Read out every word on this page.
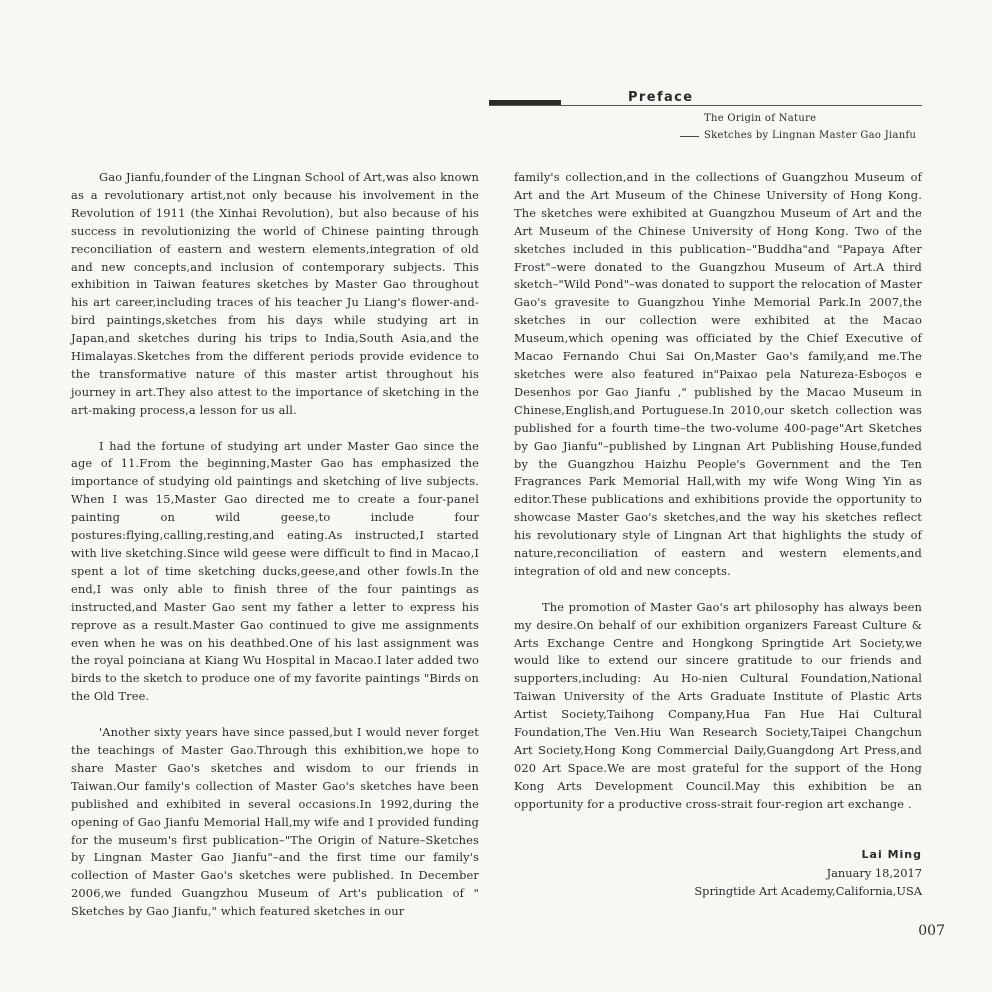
Preface
The Origin of Nature
Sketches by Lingnan Master Gao Jianfu

Gao Jianfu,founder of the Lingnan School of Art,was also known as a revolutionary artist,not only because his involvement in the Revolution of 1911 (the Xinhai Revolution), but also because of his success in revolutionizing the world of Chinese painting through reconciliation of eastern and western elements,integration of old and new concepts,and inclusion of contemporary subjects. This exhibition in Taiwan features sketches by Master Gao throughout his art career,including traces of his teacher Ju Liang's flower-and-bird paintings,sketches from his days while studying art in Japan,and sketches during his trips to India,South Asia,and the Himalayas.Sketches from the different periods provide evidence to the transformative nature of this master artist throughout his journey in art.They also attest to the importance of sketching in the art-making process,a lesson for us all.

I had the fortune of studying art under Master Gao since the age of 11.From the beginning,Master Gao has emphasized the importance of studying old paintings and sketching of live subjects. When I was 15,Master Gao directed me to create a four-panel painting on wild geese,to include four postures:flying,calling,resting,and eating.As instructed,I started with live sketching.Since wild geese were difficult to find in Macao,I spent a lot of time sketching ducks,geese,and other fowls.In the end,I was only able to finish three of the four paintings as instructed,and Master Gao sent my father a letter to express his reprove as a result.Master Gao continued to give me assignments even when he was on his deathbed.One of his last assignment was the royal poinciana at Kiang Wu Hospital in Macao.I later added two birds to the sketch to produce one of my favorite paintings "Birds on the Old Tree.

'Another sixty years have since passed,but I would never forget the teachings of Master Gao.Through this exhibition,we hope to share Master Gao's sketches and wisdom to our friends in Taiwan.Our family's collection of Master Gao's sketches have been published and exhibited in several occasions.In 1992,during the opening of Gao Jianfu Memorial Hall,my wife and I provided funding for the museum's first publication–"The Origin of Nature–Sketches by Lingnan Master Gao Jianfu"–and the first time our family's collection of Master Gao's sketches were published. In December 2006,we funded Guangzhou Museum of Art's publication of " Sketches by Gao Jianfu," which featured sketches in our

family's collection,and in the collections of Guangzhou Museum of Art and the Art Museum of the Chinese University of Hong Kong. The sketches were exhibited at Guangzhou Museum of Art and the Art Museum of the Chinese University of Hong Kong. Two of the sketches included in this publication–"Buddha"and "Papaya After Frost"–were donated to the Guangzhou Museum of Art.A third sketch–"Wild Pond"–was donated to support the relocation of Master Gao's gravesite to Guangzhou Yinhe Memorial Park.In 2007,the sketches in our collection were exhibited at the Macao Museum,which opening was officiated by the Chief Executive of Macao Fernando Chui Sai On,Master Gao's family,and me.The sketches were also featured in"Paixao pela Natureza-Esboços e Desenhos por Gao Jianfu ," published by the Macao Museum in Chinese,English,and Portuguese.In 2010,our sketch collection was published for a fourth time–the two-volume 400-page"Art Sketches by Gao Jianfu"–published by Lingnan Art Publishing House,funded by the Guangzhou Haizhu People's Government and the Ten Fragrances Park Memorial Hall,with my wife Wong Wing Yin as editor.These publications and exhibitions provide the opportunity to showcase Master Gao's sketches,and the way his sketches reflect his revolutionary style of Lingnan Art that highlights the study of nature,reconciliation of eastern and western elements,and integration of old and new concepts.

The promotion of Master Gao's art philosophy has always been my desire.On behalf of our exhibition organizers Fareast Culture & Arts Exchange Centre and Hongkong Springtide Art Society,we would like to extend our sincere gratitude to our friends and supporters,including: Au Ho-nien Cultural Foundation,National Taiwan University of the Arts Graduate Institute of Plastic Arts Artist Society,Taihong Company,Hua Fan Hue Hai Cultural Foundation,The Ven.Hiu Wan Research Society,Taipei Changchun Art Society,Hong Kong Commercial Daily,Guangdong Art Press,and 020 Art Space.We are most grateful for the support of the Hong Kong Arts Development Council.May this exhibition be an opportunity for a productive cross-strait four-region art exchange .

Lai Ming
January 18,2017
Springtide Art Academy,California,USA
007
